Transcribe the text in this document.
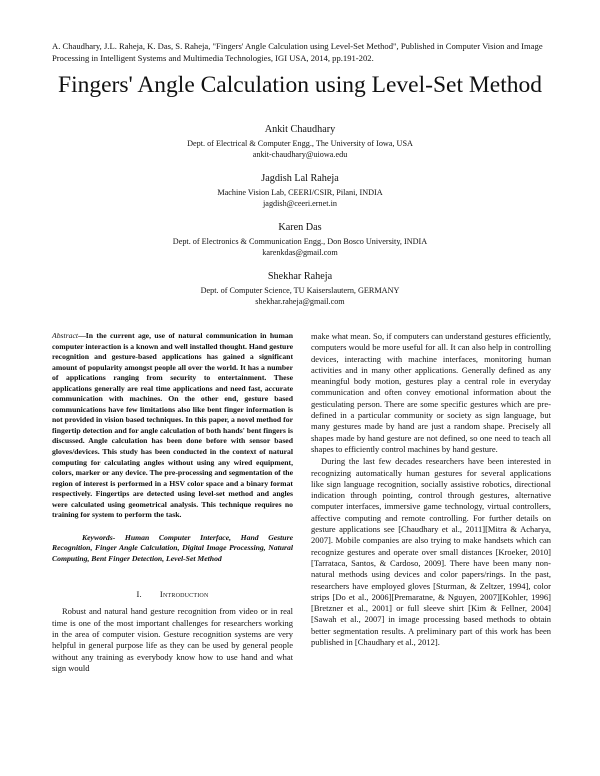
A. Chaudhary, J.L. Raheja, K. Das, S. Raheja, "Fingers' Angle Calculation using Level-Set Method", Published in Computer Vision and Image Processing in Intelligent Systems and Multimedia Technologies, IGI USA, 2014, pp.191-202.
Fingers' Angle Calculation using Level-Set Method
Ankit Chaudhary
Dept. of Electrical & Computer Engg., The University of Iowa, USA
ankit-chaudhary@uiowa.edu
Jagdish Lal Raheja
Machine Vision Lab, CEERI/CSIR, Pilani, INDIA
jagdish@ceeri.ernet.in
Karen Das
Dept. of Electronics & Communication Engg., Don Bosco University, INDIA
karenkdas@gmail.com
Shekhar Raheja
Dept. of Computer Science, TU Kaiserslautern, GERMANY
shekhar.raheja@gmail.com

Abstract—In the current age, use of natural communication in human computer interaction is a known and well installed thought. Hand gesture recognition and gesture-based applications has gained a significant amount of popularity amongst people all over the world. It has a number of applications ranging from security to entertainment. These applications generally are real time applications and need fast, accurate communication with machines. On the other end, gesture based communications have few limitations also like bent finger information is not provided in vision based techniques. In this paper, a novel method for fingertip detection and for angle calculation of both hands' bent fingers is discussed. Angle calculation has been done before with sensor based gloves/devices. This study has been conducted in the context of natural computing for calculating angles without using any wired equipment, colors, marker or any device. The pre-processing and segmentation of the region of interest is performed in a HSV color space and a binary format respectively. Fingertips are detected using level-set method and angles were calculated using geometrical analysis. This technique requires no training for system to perform the task.

Keywords- Human Computer Interface, Hand Gesture Recognition, Finger Angle Calculation, Digital Image Processing, Natural Computing, Bent Finger Detection, Level-Set Method

I. Introduction

Robust and natural hand gesture recognition from video or in real time is one of the most important challenges for researchers working in the area of computer vision. Gesture recognition systems are very helpful in general purpose life as they can be used by general people without any training as everybody know how to use hand and what sign would

make what mean. So, if computers can understand gestures efficiently, computers would be more useful for all. It can also help in controlling devices, interacting with machine interfaces, monitoring human activities and in many other applications. Generally defined as any meaningful body motion, gestures play a central role in everyday communication and often convey emotional information about the gesticulating person. There are some specific gestures which are pre-defined in a particular community or society as sign language, but many gestures made by hand are just a random shape. Precisely all shapes made by hand gesture are not defined, so one need to teach all shapes to efficiently control machines by hand gesture.

During the last few decades researchers have been interested in recognizing automatically human gestures for several applications like sign language recognition, socially assistive robotics, directional indication through pointing, control through gestures, alternative computer interfaces, immersive game technology, virtual controllers, affective computing and remote controlling. For further details on gesture applications see [Chaudhary et al., 2011][Mitra & Acharya, 2007]. Mobile companies are also trying to make handsets which can recognize gestures and operate over small distances [Kroeker, 2010][Tarrataca, Santos, & Cardoso, 2009]. There have been many non-natural methods using devices and color papers/rings. In the past, researchers have employed gloves [Sturman, & Zeltzer, 1994], color strips [Do et al., 2006][Premaratne, & Nguyen, 2007][Kohler, 1996][Bretzner et al., 2001] or full sleeve shirt [Kim & Fellner, 2004][Sawah et al., 2007] in image processing based methods to obtain better segmentation results. A preliminary part of this work has been published in [Chaudhary et al., 2012].
